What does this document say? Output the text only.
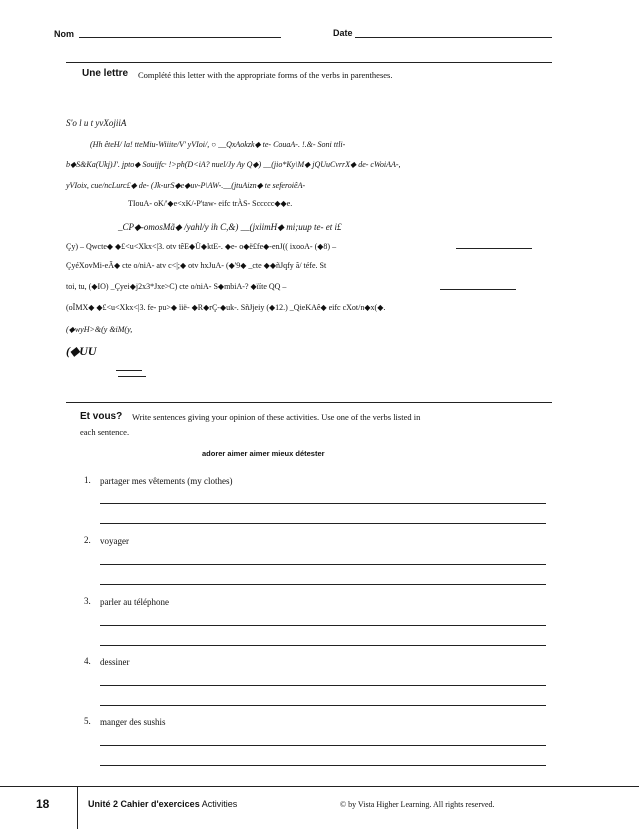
Nom	Date
Une lettre Complété this letter with the appropriate forms of the verbs in parentheses.
S'o l u t yvXojiiA
(Hh êteH/ la! tteMiu-Wiiite/V' yVIoi/, ○ __QxAokzk◆ te- CouaA-. !.&- Soni ttli-
b◆S&Ka(Ukj)J'. jpto◆ Souijfc· !>ph(D<iA? nuel/Jy Ay Q◆) __(jio*Ky\M◆ jQUuCvrrX◆ de- cWoiAA-,
yVIoix, cue/ncLurc£◆ de- (Jk-urS◆e◆uv-P\AW-.__(jtuAizn◆ te seferoiêA-
TIouA- oK/'◆e<xK/-P'taw- eifc trÀS- Sccccc◆◆e.
_CP◆-omosMã◆ /yahl/y ih C,&) __(jxiimH◆ mi;uup te- et i£
Çy) – Qwcte◆ ◆£<u<Xkx<|3. otv têE◆Ü◆ktE-. ◆e- o◆ë£fe◆-enJ(( ixooA- (◆8) –
ÇyéXovMi-eÃ◆ cte o/niA- atv c<|;◆ otv hxJuA- (◆'9◆ _cte ◆◆ñJqfy ã/ téfe. St
toi, tu, (◆IO) _Çyei◆j2x3*Jxe>C) cte o/niA- S◆mbiA-? ◆ïíte QQ –
(oÏMX◆ ◆£<u<Xkx<|3. fe- pu>◆ ïië- ◆R◆rÇ-◆uk-. SñJjeiy (◆12.) _QieKAê◆ eifc cXot/n◆x(◆.
(◆wyH>&(y &iM(y,
(◆UU
Et vous? Write sentences giving your opinion of these activities. Use one of the verbs listed in
each sentence.
adorer aimer aimer mieux détester
1. partager mes vêtements (my clothes)
2. voyager
3. parler au téléphone
4. dessiner
5. manger des sushis
18	Unité 2 Cahier d'exercices Activities	© by Vista Higher Learning. All rights reserved.
